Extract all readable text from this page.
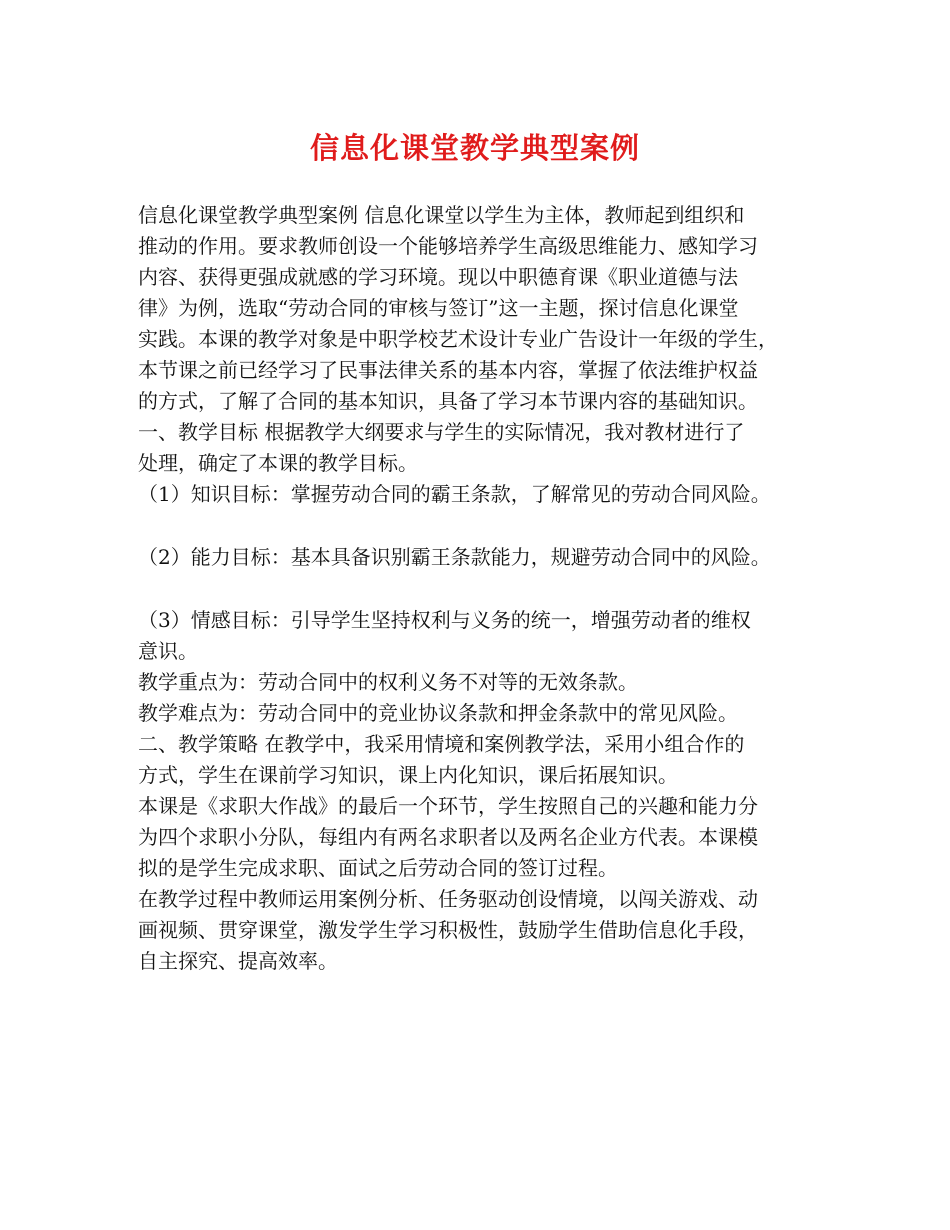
信息化课堂教学典型案例

信息化课堂教学典型案例 信息化课堂以学生为主体，教师起到组织和

推动的作用。要求教师创设一个能够培养学生高级思维能力、感知学习

内容、获得更强成就感的学习环境。现以中职德育课《职业道德与法

律》为例，选取“劳动合同的审核与签订”这一主题，探讨信息化课堂

实践。本课的教学对象是中职学校艺术设计专业广告设计一年级的学生，

本节课之前已经学习了民事法律关系的基本内容，掌握了依法维护权益

的方式，了解了合同的基本知识，具备了学习本节课内容的基础知识。

一、教学目标 根据教学大纲要求与学生的实际情况，我对教材进行了

处理，确定了本课的教学目标。

（1）知识目标：掌握劳动合同的霸王条款，了解常见的劳动合同风险。

（2）能力目标：基本具备识别霸王条款能力，规避劳动合同中的风险。

（3）情感目标：引导学生坚持权利与义务的统一，增强劳动者的维权

意识。

教学重点为：劳动合同中的权利义务不对等的无效条款。

教学难点为：劳动合同中的竞业协议条款和押金条款中的常见风险。

二、教学策略 在教学中，我采用情境和案例教学法，采用小组合作的

方式，学生在课前学习知识，课上内化知识，课后拓展知识。

本课是《求职大作战》的最后一个环节，学生按照自己的兴趣和能力分

为四个求职小分队，每组内有两名求职者以及两名企业方代表。本课模

拟的是学生完成求职、面试之后劳动合同的签订过程。

在教学过程中教师运用案例分析、任务驱动创设情境，以闯关游戏、动

画视频、贯穿课堂，激发学生学习积极性，鼓励学生借助信息化手段，

自主探究、提高效率。
